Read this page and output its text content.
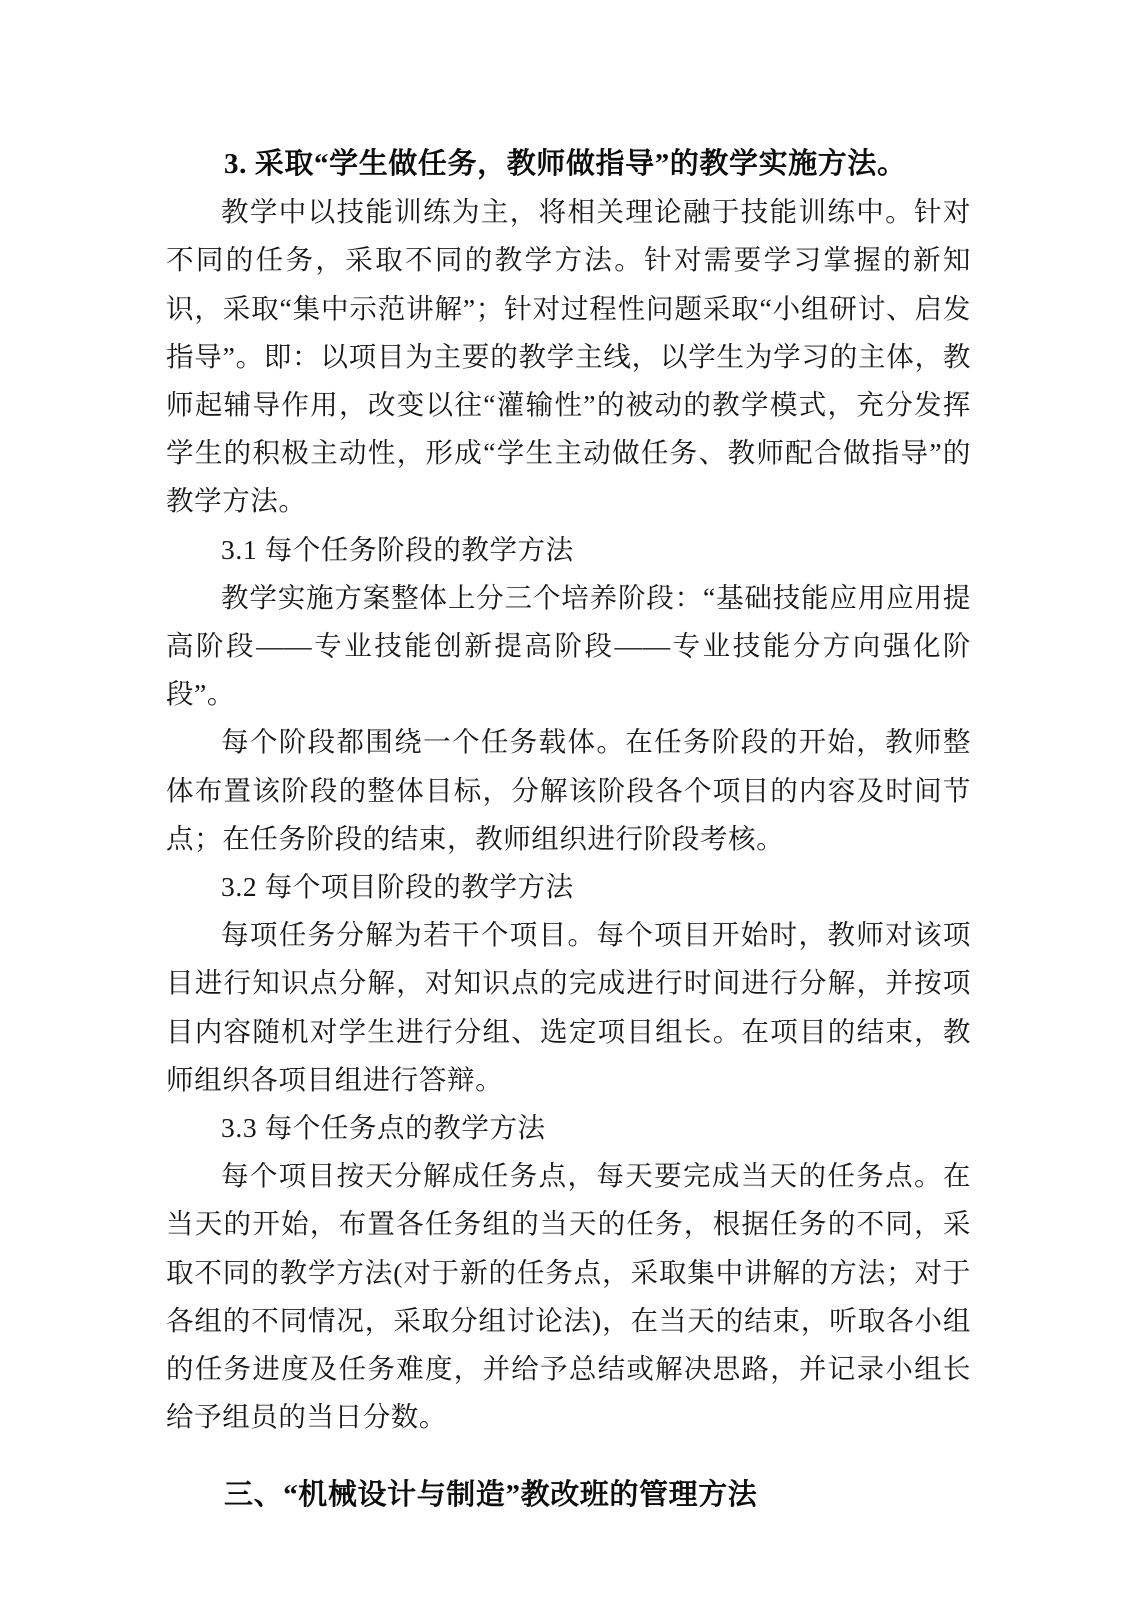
3. 采取“学生做任务，教师做指导”的教学实施方法。

教学中以技能训练为主，将相关理论融于技能训练中。针对不同的任务，采取不同的教学方法。针对需要学习掌握的新知识，采取“集中示范讲解”；针对过程性问题采取“小组研讨、启发指导”。即：以项目为主要的教学主线，以学生为学习的主体，教师起辅导作用，改变以往“灌输性”的被动的教学模式，充分发挥学生的积极主动性，形成“学生主动做任务、教师配合做指导”的教学方法。

3.1 每个任务阶段的教学方法

教学实施方案整体上分三个培养阶段：“基础技能应用应用提高阶段——专业技能创新提高阶段——专业技能分方向强化阶段”。

每个阶段都围绕一个任务载体。在任务阶段的开始，教师整体布置该阶段的整体目标，分解该阶段各个项目的内容及时间节点；在任务阶段的结束，教师组织进行阶段考核。

3.2 每个项目阶段的教学方法

每项任务分解为若干个项目。每个项目开始时，教师对该项目进行知识点分解，对知识点的完成进行时间进行分解，并按项目内容随机对学生进行分组、选定项目组长。在项目的结束，教师组织各项目组进行答辩。

3.3 每个任务点的教学方法

每个项目按天分解成任务点，每天要完成当天的任务点。在当天的开始，布置各任务组的当天的任务，根据任务的不同，采取不同的教学方法(对于新的任务点，采取集中讲解的方法；对于各组的不同情况，采取分组讨论法)，在当天的结束，听取各小组的任务进度及任务难度，并给予总结或解决思路，并记录小组长给予组员的当日分数。

三、“机械设计与制造”教改班的管理方法
